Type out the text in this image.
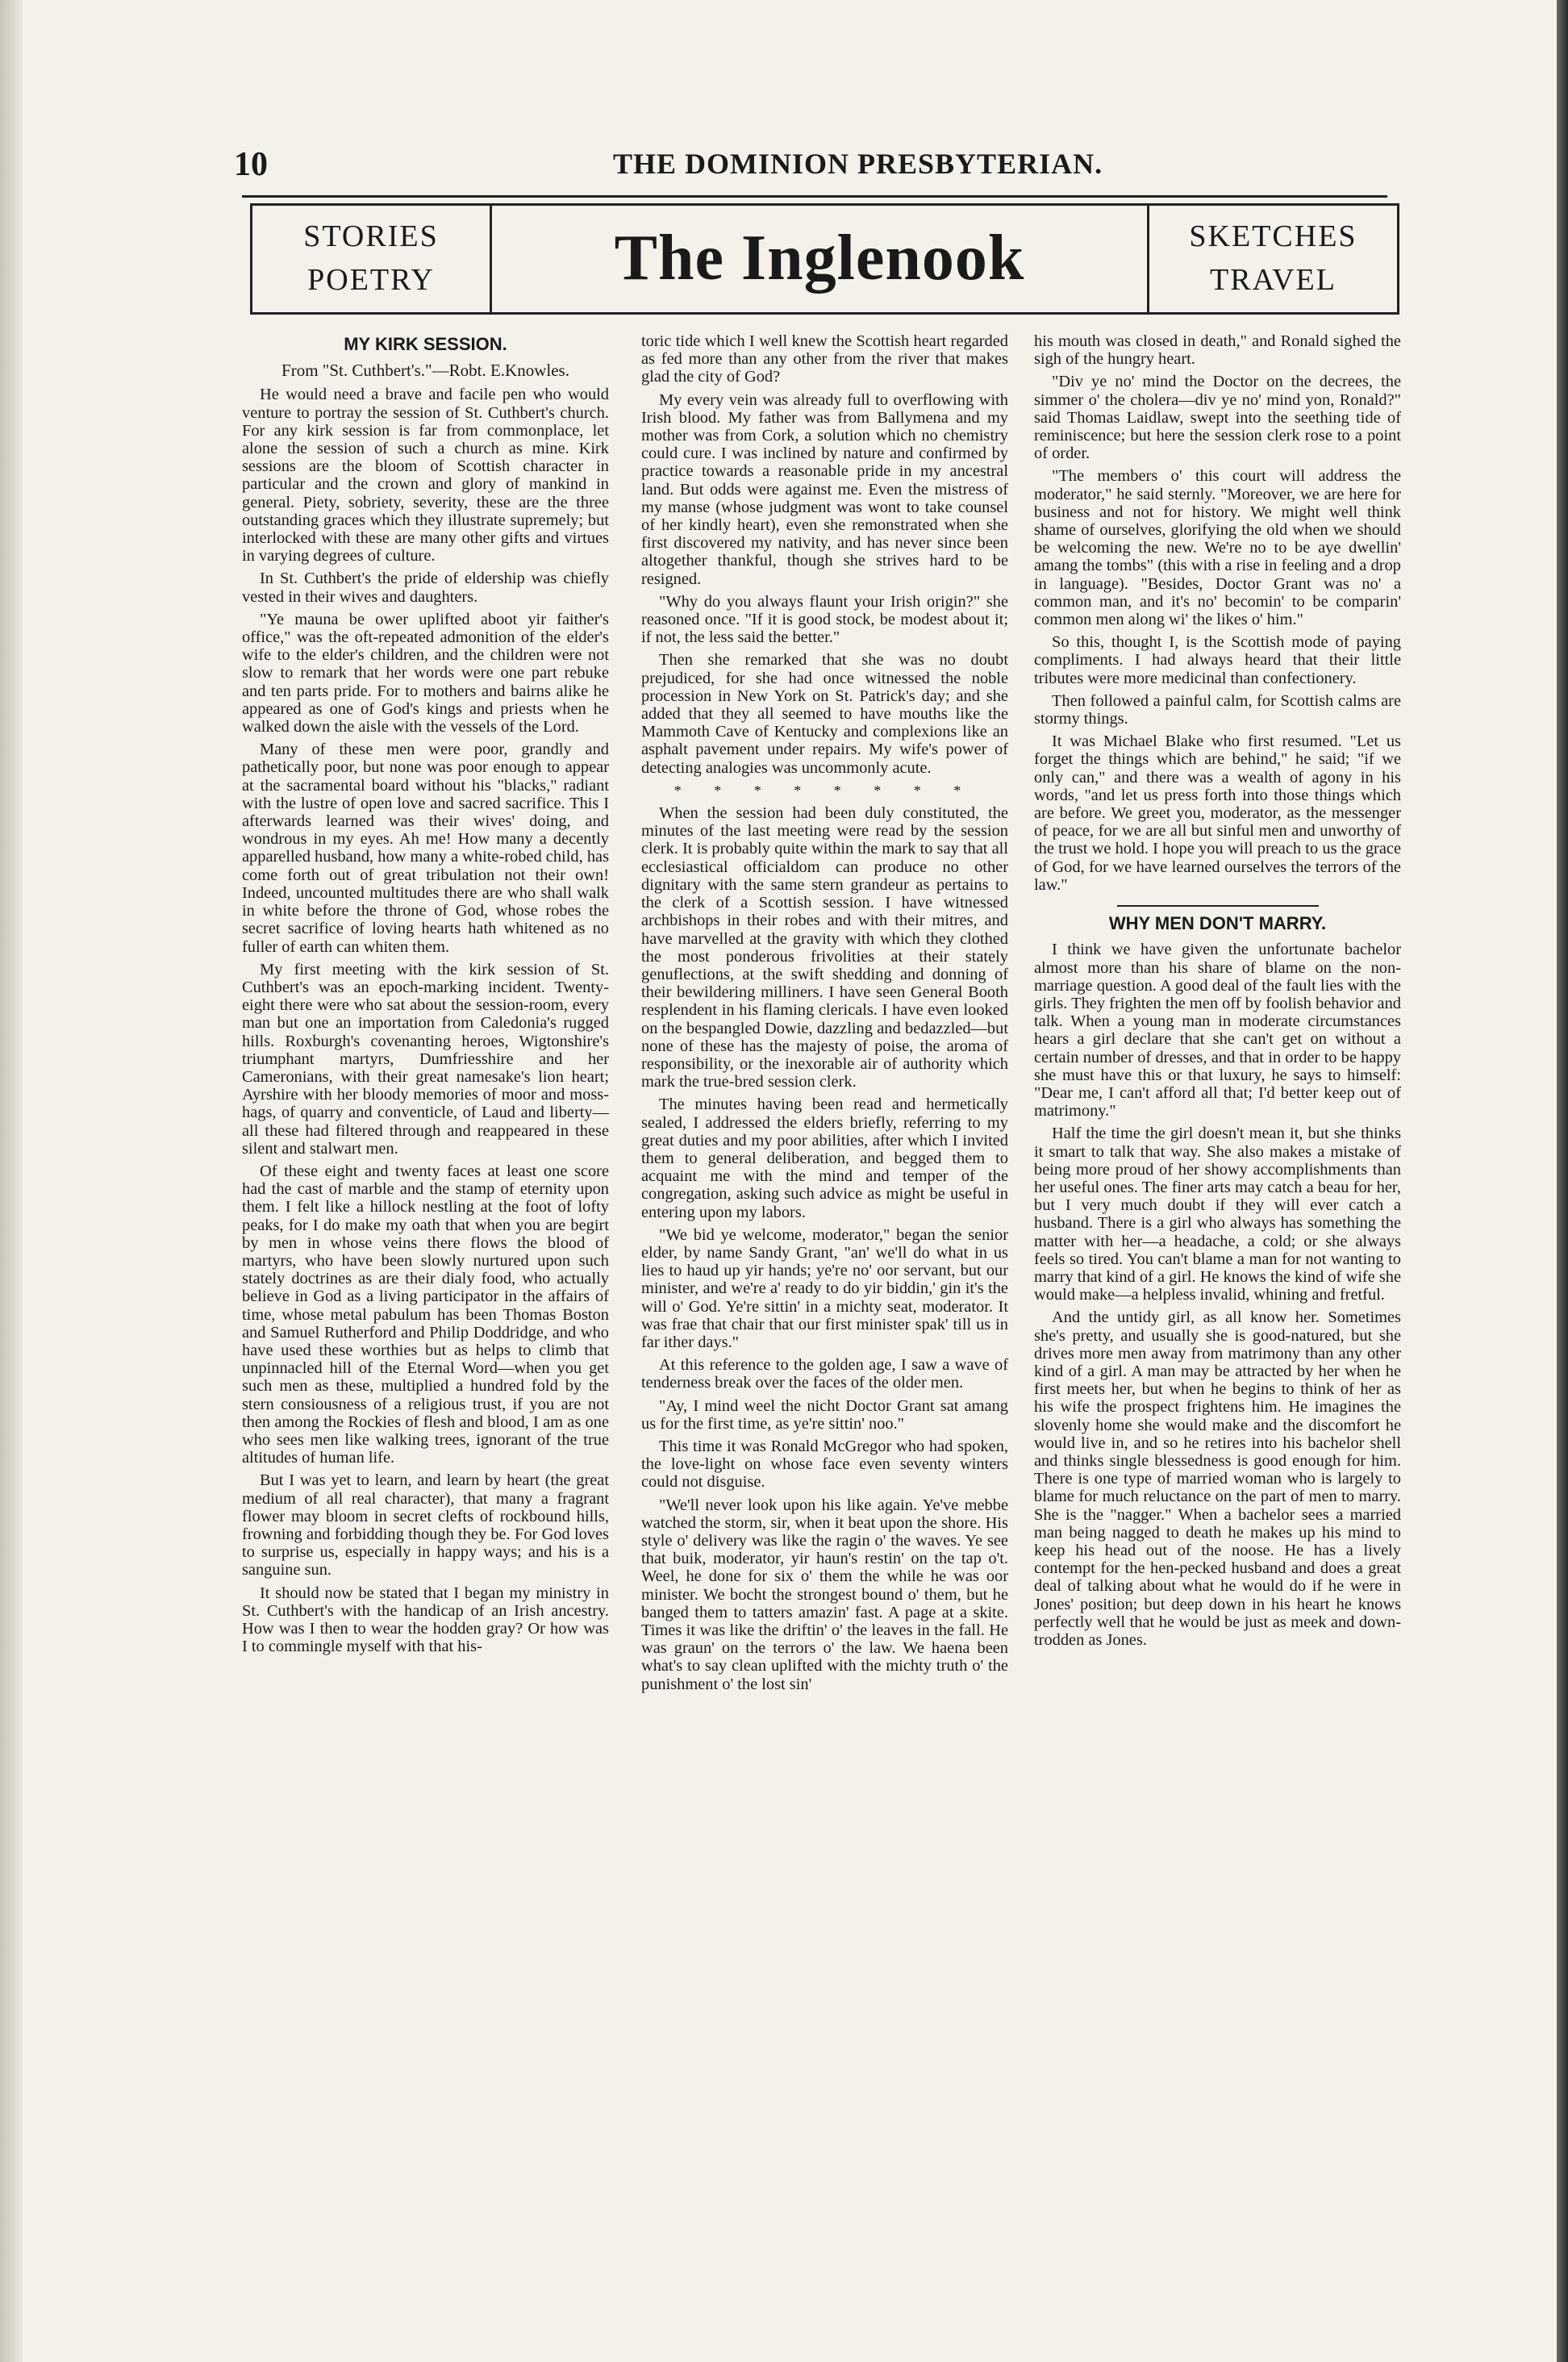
10	THE DOMINION PRESBYTERIAN.
STORIES
POETRY	The Inglenook	SKETCHES
TRAVEL
MY KIRK SESSION.
From "St. Cuthbert's."—Robt. E.Knowles.

He would need a brave and facile pen who would venture to portray the session of St. Cuthbert's church. For any kirk session is far from commonplace, let alone the session of such a church as mine. Kirk sessions are the bloom of Scottish character in particular and the crown and glory of mankind in general. Piety, sobriety, severity, these are the three outstanding graces which they illustrate supremely; but interlocked with these are many other gifts and virtues in varying degrees of culture.

In St. Cuthbert's the pride of eldership was chiefly vested in their wives and daughters.

"Ye mauna be ower uplifted aboot yir faither's office," was the oft-repeated admonition of the elder's wife to the elder's children, and the children were not slow to remark that her words were one part rebuke and ten parts pride. For to mothers and bairns alike he appeared as one of God's kings and priests when he walked down the aisle with the vessels of the Lord.

Many of these men were poor, grandly and pathetically poor, but none was poor enough to appear at the sacramental board without his "blacks," radiant with the lustre of open love and sacred sacrifice. This I afterwards learned was their wives' doing, and wondrous in my eyes. Ah me! How many a decently apparelled husband, how many a white-robed child, has come forth out of great tribulation not their own! Indeed, uncounted multitudes there are who shall walk in white before the throne of God, whose robes the secret sacrifice of loving hearts hath whitened as no fuller of earth can whiten them.

My first meeting with the kirk session of St. Cuthbert's was an epoch-marking incident. Twenty-eight there were who sat about the session-room, every man but one an importation from Caledonia's rugged hills. Roxburgh's covenanting heroes, Wigtonshire's triumphant martyrs, Dumfriesshire and her Cameronians, with their great namesake's lion heart; Ayrshire with her bloody memories of moor and moss-hags, of quarry and conventicle, of Laud and liberty—all these had filtered through and reappeared in these silent and stalwart men.

Of these eight and twenty faces at least one score had the cast of marble and the stamp of eternity upon them. I felt like a hillock nestling at the foot of lofty peaks, for I do make my oath that when you are begirt by men in whose veins there flows the blood of martyrs, who have been slowly nurtured upon such stately doctrines as are their dialy food, who actually believe in God as a living participator in the affairs of time, whose metal pabulum has been Thomas Boston and Samuel Rutherford and Philip Doddridge, and who have used these worthies but as helps to climb that unpinnacled hill of the Eternal Word—when you get such men as these, multiplied a hundred fold by the stern consiousness of a religious trust, if you are not then among the Rockies of flesh and blood, I am as one who sees men like walking trees, ignorant of the true altitudes of human life.

But I was yet to learn, and learn by heart (the great medium of all real character), that many a fragrant flower may bloom in secret clefts of rockbound hills, frowning and forbidding though they be. For God loves to surprise us, especially in happy ways; and his is a sanguine sun.

It should now be stated that I began my ministry in St. Cuthbert's with the handicap of an Irish ancestry. How was I then to wear the hodden gray? Or how was I to commingle myself with that his-

toric tide which I well knew the Scottish heart regarded as fed more than any other from the river that makes glad the city of God?

My every vein was already full to overflowing with Irish blood. My father was from Ballymena and my mother was from Cork, a solution which no chemistry could cure. I was inclined by nature and confirmed by practice towards a reasonable pride in my ancestral land. But odds were against me. Even the mistress of my manse (whose judgment was wont to take counsel of her kindly heart), even she remonstrated when she first discovered my nativity, and has never since been altogether thankful, though she strives hard to be resigned.

"Why do you always flaunt your Irish origin?" she reasoned once. "If it is good stock, be modest about it; if not, the less said the better."

Then she remarked that she was no doubt prejudiced, for she had once witnessed the noble procession in New York on St. Patrick's day; and she added that they all seemed to have mouths like the Mammoth Cave of Kentucky and complexions like an asphalt pavement under repairs. My wife's power of detecting analogies was uncommonly acute.

* * * * * * * *

When the session had been duly constituted, the minutes of the last meeting were read by the session clerk. It is probably quite within the mark to say that all ecclesiastical officialdom can produce no other dignitary with the same stern grandeur as pertains to the clerk of a Scottish session. I have witnessed archbishops in their robes and with their mitres, and have marvelled at the gravity with which they clothed the most ponderous frivolities at their stately genuflections, at the swift shedding and donning of their bewildering milliners. I have seen General Booth resplendent in his flaming clericals. I have even looked on the bespangled Dowie, dazzling and bedazzled—but none of these has the majesty of poise, the aroma of responsibility, or the inexorable air of authority which mark the true-bred session clerk.

The minutes having been read and hermetically sealed, I addressed the elders briefly, referring to my great duties and my poor abilities, after which I invited them to general deliberation, and begged them to acquaint me with the mind and temper of the congregation, asking such advice as might be useful in entering upon my labors.

"We bid ye welcome, moderator," began the senior elder, by name Sandy Grant, "an' we'll do what in us lies to haud up yir hands; ye're no' oor servant, but our minister, and we're a' ready to do yir biddin,' gin it's the will o' God. Ye're sittin' in a michty seat, moderator. It was frae that chair that our first minister spak' till us in far ither days."

At this reference to the golden age, I saw a wave of tenderness break over the faces of the older men.

"Ay, I mind weel the nicht Doctor Grant sat amang us for the first time, as ye're sittin' noo."

This time it was Ronald McGregor who had spoken, the love-light on whose face even seventy winters could not disguise.

"We'll never look upon his like again. Ye've mebbe watched the storm, sir, when it beat upon the shore. His style o' delivery was like the ragin o' the waves. Ye see that buik, moderator, yir haun's restin' on the tap o't. Weel, he done for six o' them the while he was oor minister. We bocht the strongest bound o' them, but he banged them to tatters amazin' fast. A page at a skite. Times it was like the driftin' o' the leaves in the fall. He was graun' on the terrors o' the law. We haena been what's to say clean uplifted with the michty truth o' the punishment o' the lost sin'

his mouth was closed in death," and Ronald sighed the sigh of the hungry heart.

"Div ye no' mind the Doctor on the decrees, the simmer o' the cholera—div ye no' mind yon, Ronald?" said Thomas Laidlaw, swept into the seething tide of reminiscence; but here the session clerk rose to a point of order.

"The members o' this court will address the moderator," he said sternly. "Moreover, we are here for business and not for history. We might well think shame of ourselves, glorifying the old when we should be welcoming the new. We're no to be aye dwellin' amang the tombs" (this with a rise in feeling and a drop in language). "Besides, Doctor Grant was no' a common man, and it's no' becomin' to be comparin' common men along wi' the likes o' him."

So this, thought I, is the Scottish mode of paying compliments. I had always heard that their little tributes were more medicinal than confectionery.

Then followed a painful calm, for Scottish calms are stormy things.

It was Michael Blake who first resumed. "Let us forget the things which are behind," he said; "if we only can," and there was a wealth of agony in his words, "and let us press forth into those things which are before. We greet you, moderator, as the messenger of peace, for we are all but sinful men and unworthy of the trust we hold. I hope you will preach to us the grace of God, for we have learned ourselves the terrors of the law."

WHY MEN DON'T MARRY.

I think we have given the unfortunate bachelor almost more than his share of blame on the non-marriage question. A good deal of the fault lies with the girls. They frighten the men off by foolish behavior and talk. When a young man in moderate circumstances hears a girl declare that she can't get on without a certain number of dresses, and that in order to be happy she must have this or that luxury, he says to himself: "Dear me, I can't afford all that; I'd better keep out of matrimony."

Half the time the girl doesn't mean it, but she thinks it smart to talk that way. She also makes a mistake of being more proud of her showy accomplishments than her useful ones. The finer arts may catch a beau for her, but I very much doubt if they will ever catch a husband. There is a girl who always has something the matter with her—a headache, a cold; or she always feels so tired. You can't blame a man for not wanting to marry that kind of a girl. He knows the kind of wife she would make—a helpless invalid, whining and fretful.

And the untidy girl, as all know her. Sometimes she's pretty, and usually she is good-natured, but she drives more men away from matrimony than any other kind of a girl. A man may be attracted by her when he first meets her, but when he begins to think of her as his wife the prospect frightens him. He imagines the slovenly home she would make and the discomfort he would live in, and so he retires into his bachelor shell and thinks single blessedness is good enough for him. There is one type of married woman who is largely to blame for much reluctance on the part of men to marry. She is the "nagger." When a bachelor sees a married man being nagged to death he makes up his mind to keep his head out of the noose. He has a lively contempt for the hen-pecked husband and does a great deal of talking about what he would do if he were in Jones' position; but deep down in his heart he knows perfectly well that he would be just as meek and down-trodden as Jones.
